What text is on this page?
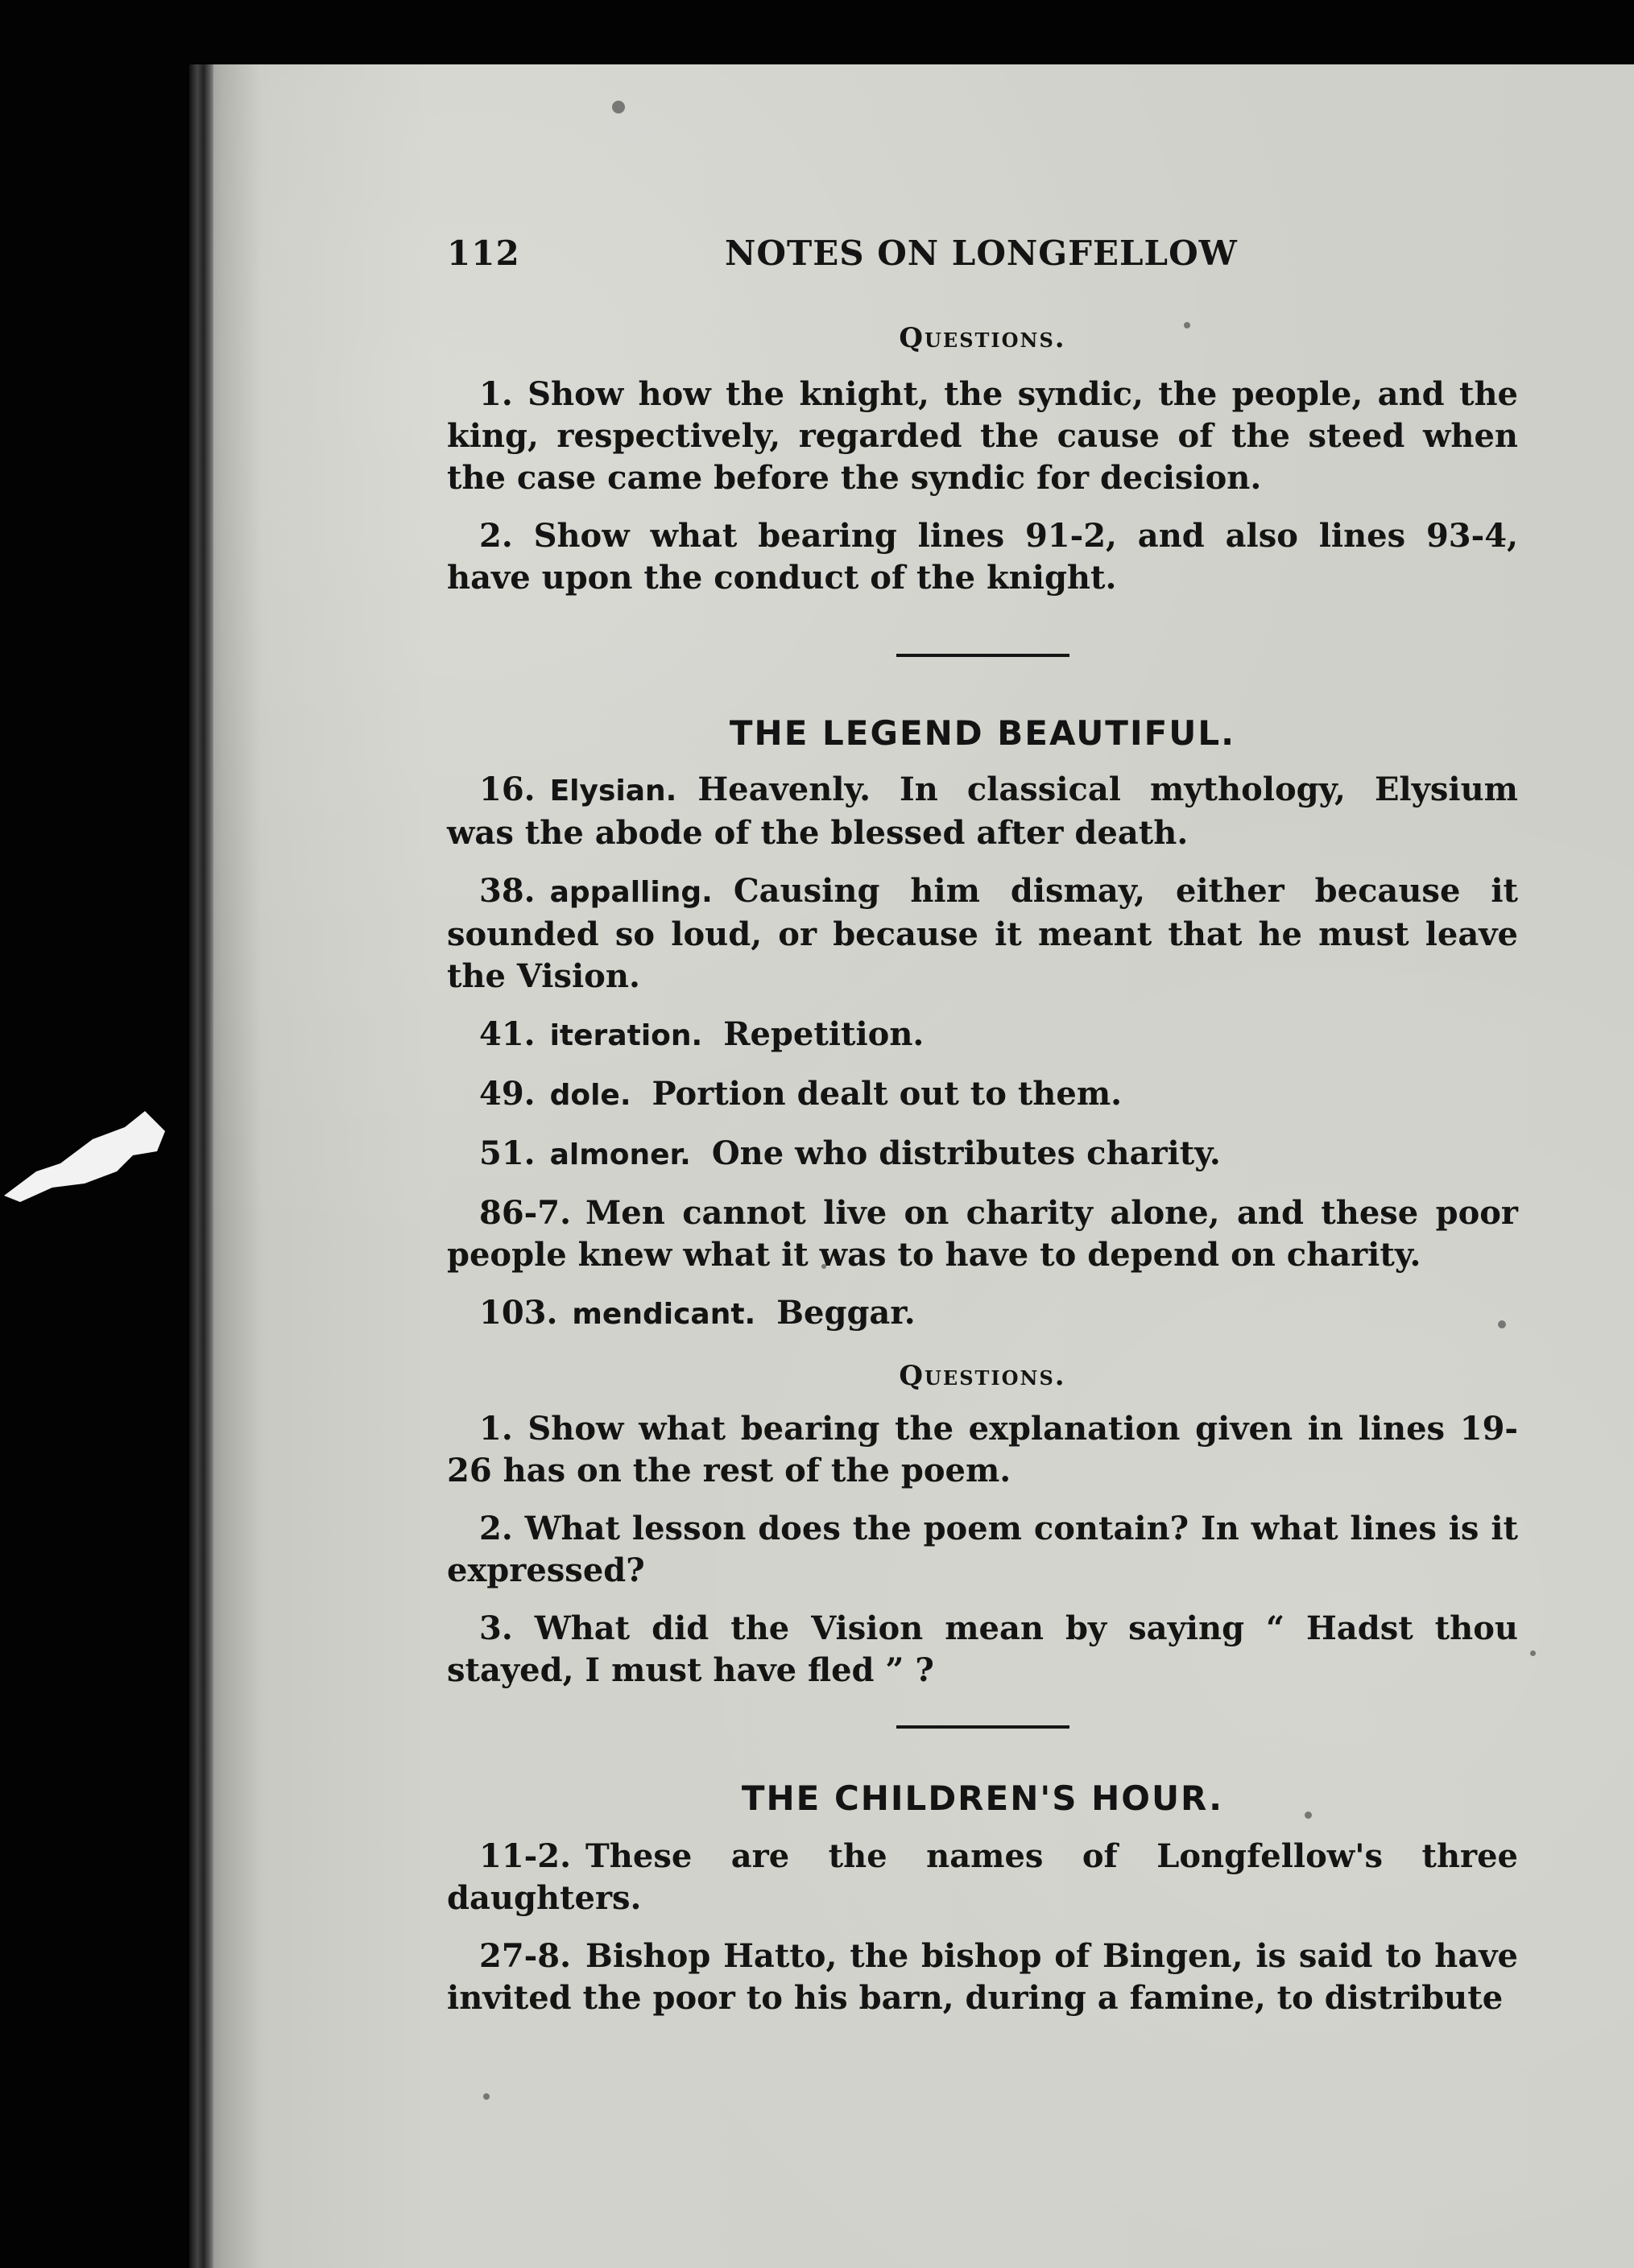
112	NOTES ON LONGFELLOW

Questions.

1. Show how the knight, the syndic, the people, and the king, respectively, regarded the cause of the steed when the case came before the syndic for decision.

2. Show what bearing lines 91-2, and also lines 93-4, have upon the conduct of the knight.

THE LEGEND BEAUTIFUL.

16. Elysian. Heavenly. In classical mythology, Elysium was the abode of the blessed after death.

38. appalling. Causing him dismay, either because it sounded so loud, or because it meant that he must leave the Vision.

41. iteration. Repetition.

49. dole. Portion dealt out to them.

51. almoner. One who distributes charity.

86-7. Men cannot live on charity alone, and these poor people knew what it was to have to depend on charity.

103. mendicant. Beggar.

Questions.

1. Show what bearing the explanation given in lines 19-26 has on the rest of the poem.

2. What lesson does the poem contain? In what lines is it expressed?

3. What did the Vision mean by saying “ Hadst thou stayed, I must have fled ” ?

THE CHILDREN'S HOUR.

11-2. These are the names of Longfellow's three daughters.

27-8. Bishop Hatto, the bishop of Bingen, is said to have invited the poor to his barn, during a famine, to distribute
